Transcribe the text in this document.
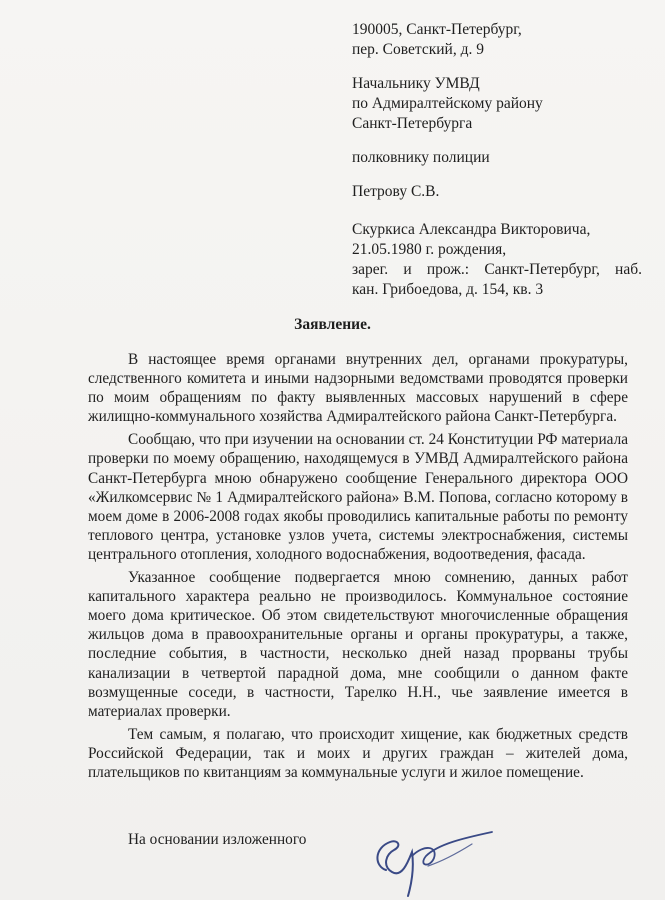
190005, Санкт-Петербург,
пер. Советский, д. 9
Начальнику УМВД
по Адмиралтейскому району
Санкт-Петербурга
полковнику полиции
Петрову С.В.
Скуркиса Александра Викторовича,
21.05.1980 г. рождения,
зарег. и прож.: Санкт-Петербург, наб.
кан. Грибоедова, д. 154, кв. 3
Заявление.

В настоящее время органами внутренних дел, органами прокуратуры, следственного комитета и иными надзорными ведомствами проводятся проверки по моим обращениям по факту выявленных массовых нарушений в сфере жилищно-коммунального хозяйства Адмиралтейского района Санкт-Петербурга.

Сообщаю, что при изучении на основании ст. 24 Конституции РФ материала проверки по моему обращению, находящемуся в УМВД Адмиралтейского района Санкт-Петербурга мною обнаружено сообщение Генерального директора ООО «Жилкомсервис № 1 Адмиралтейского района» В.М. Попова, согласно которому в моем доме в 2006-2008 годах якобы проводились капитальные работы по ремонту теплового центра, установке узлов учета, системы электроснабжения, системы центрального отопления, холодного водоснабжения, водоотведения, фасада.

Указанное сообщение подвергается мною сомнению, данных работ капитального характера реально не производилось. Коммунальное состояние моего дома критическое. Об этом свидетельствуют многочисленные обращения жильцов дома в правоохранительные органы и органы прокуратуры, а также, последние события, в частности, несколько дней назад прорваны трубы канализации в четвертой парадной дома, мне сообщили о данном факте возмущенные соседи, в частности, Тарелко Н.Н., чье заявление имеется в материалах проверки.

Тем самым, я полагаю, что происходит хищение, как бюджетных средств Российской Федерации, так и моих и других граждан – жителей дома, плательщиков по квитанциям за коммунальные услуги и жилое помещение.

На основании изложенного
